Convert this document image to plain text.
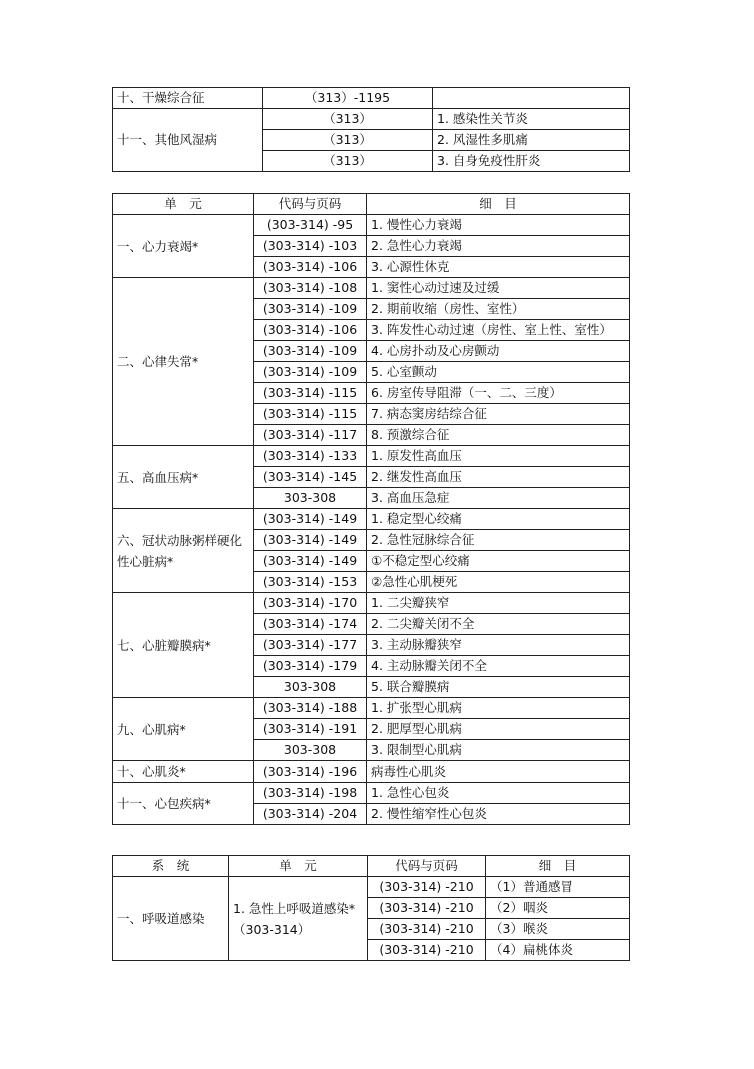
十、干燥综合征	（313）-1195	
十一、其他风湿病	（313）	1. 感染性关节炎
	（313）	2. 风湿性多肌痛
	（313）	3. 自身免疫性肝炎
单　元	代码与页码	细　目
一、心力衰竭*	(303-314) -95	1. 慢性心力衰竭
	(303-314) -103	2. 急性心力衰竭
	(303-314) -106	3. 心源性休克
二、心律失常*	(303-314) -108	1. 窦性心动过速及过缓
	(303-314) -109	2. 期前收缩（房性、室性）
	(303-314) -106	3. 阵发性心动过速（房性、室上性、室性）
	(303-314) -109	4. 心房扑动及心房颤动
	(303-314) -109	5. 心室颤动
	(303-314) -115	6. 房室传导阻滞（一、二、三度）
	(303-314) -115	7. 病态窦房结综合征
	(303-314) -117	8. 预激综合征
五、高血压病*	(303-314) -133	1. 原发性高血压
	(303-314) -145	2. 继发性高血压
	303-308	3. 高血压急症
六、冠状动脉粥样硬化性心脏病*	(303-314) -149	1. 稳定型心绞痛
	(303-314) -149	2. 急性冠脉综合征
	(303-314) -149	①不稳定型心绞痛
	(303-314) -153	②急性心肌梗死
七、心脏瓣膜病*	(303-314) -170	1. 二尖瓣狭窄
	(303-314) -174	2. 二尖瓣关闭不全
	(303-314) -177	3. 主动脉瓣狭窄
	(303-314) -179	4. 主动脉瓣关闭不全
	303-308	5. 联合瓣膜病
九、心肌病*	(303-314) -188	1. 扩张型心肌病
	(303-314) -191	2. 肥厚型心肌病
	303-308	3. 限制型心肌病
十、心肌炎*	(303-314) -196	病毒性心肌炎
十一、心包疾病*	(303-314) -198	1. 急性心包炎
	(303-314) -204	2. 慢性缩窄性心包炎
系　统	单　元	代码与页码	细　目
一、呼吸道感染	1. 急性上呼吸道感染*（303-314）	(303-314) -210	（1）普通感冒
		(303-314) -210	（2）咽炎
		(303-314) -210	（3）喉炎
		(303-314) -210	（4）扁桃体炎
